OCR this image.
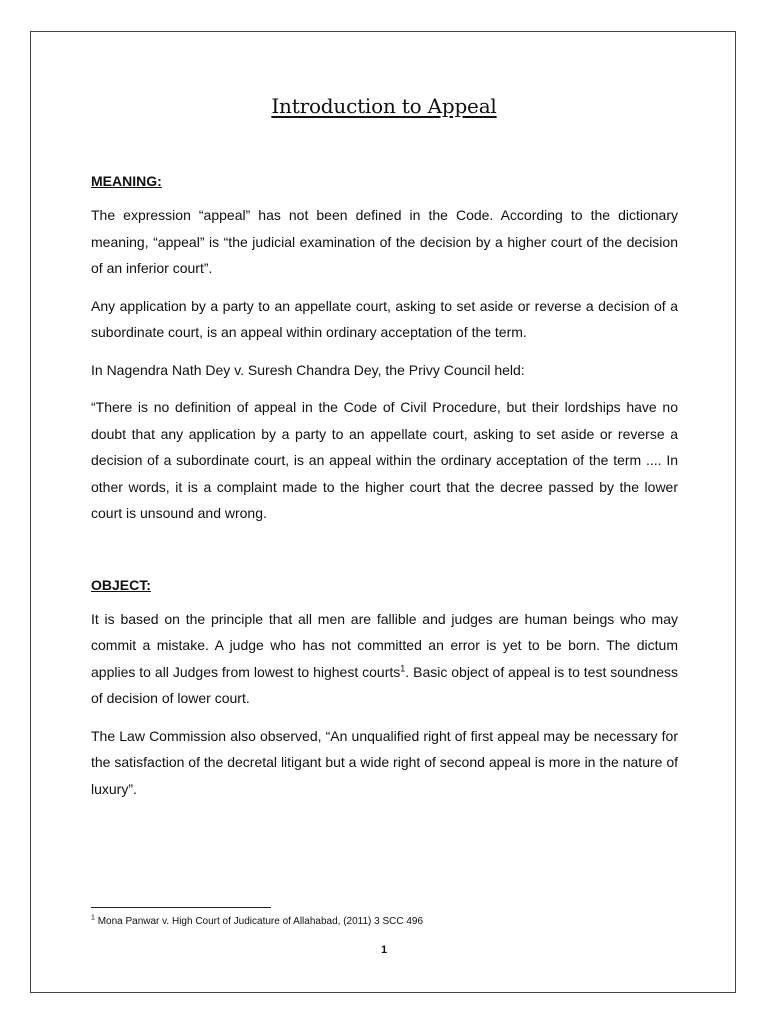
Introduction to Appeal
MEANING:

The expression “appeal” has not been defined in the Code. According to the dictionary meaning, “appeal” is “the judicial examination of the decision by a higher court of the decision of an inferior court”.

Any application by a party to an appellate court, asking to set aside or reverse a decision of a subordinate court, is an appeal within ordinary acceptation of the term.

In Nagendra Nath Dey v. Suresh Chandra Dey, the Privy Council held:

“There is no definition of appeal in the Code of Civil Procedure, but their lordships have no doubt that any application by a party to an appellate court, asking to set aside or reverse a decision of a subordinate court, is an appeal within the ordinary acceptation of the term .... In other words, it is a complaint made to the higher court that the decree passed by the lower court is unsound and wrong.

OBJECT:

It is based on the principle that all men are fallible and judges are human beings who may commit a mistake. A judge who has not committed an error is yet to be born. The dictum applies to all Judges from lowest to highest courts$^1$. Basic object of appeal is to test soundness of decision of lower court.

The Law Commission also observed, “An unqualified right of first appeal may be necessary for the satisfaction of the decretal litigant but a wide right of second appeal is more in the nature of luxury”.

$^1$ Mona Panwar v. High Court of Judicature of Allahabad, (2011) 3 SCC 496
1
